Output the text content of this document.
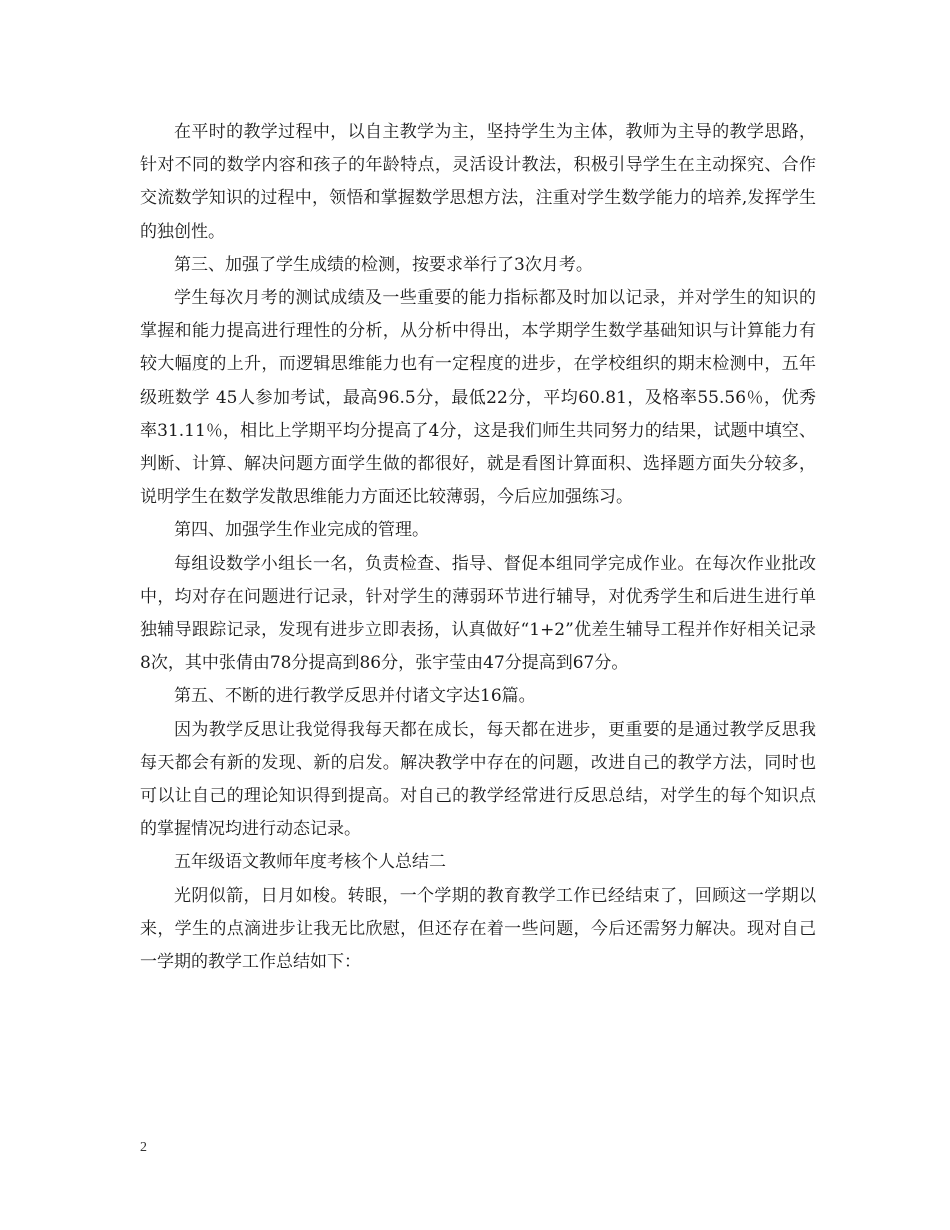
在平时的教学过程中，以自主教学为主，坚持学生为主体，教师为主导的教学思路，针对不同的数学内容和孩子的年龄特点，灵活设计教法，积极引导学生在主动探究、合作交流数学知识的过程中，领悟和掌握数学思想方法，注重对学生数学能力的培养,发挥学生的独创性。

第三、加强了学生成绩的检测，按要求举行了3次月考。

学生每次月考的测试成绩及一些重要的能力指标都及时加以记录，并对学生的知识的掌握和能力提高进行理性的分析，从分析中得出，本学期学生数学基础知识与计算能力有较大幅度的上升，而逻辑思维能力也有一定程度的进步，在学校组织的期末检测中，五年级班数学 45人参加考试，最高96.5分，最低22分，平均60.81，及格率55.56％，优秀率31.11％，相比上学期平均分提高了4分，这是我们师生共同努力的结果，试题中填空、判断、计算、解决问题方面学生做的都很好，就是看图计算面积、选择题方面失分较多，说明学生在数学发散思维能力方面还比较薄弱，今后应加强练习。

第四、加强学生作业完成的管理。

每组设数学小组长一名，负责检查、指导、督促本组同学完成作业。在每次作业批改中，均对存在问题进行记录，针对学生的薄弱环节进行辅导，对优秀学生和后进生进行单独辅导跟踪记录，发现有进步立即表扬，认真做好“1+2”优差生辅导工程并作好相关记录8次，其中张倩由78分提高到86分，张宇莹由47分提高到67分。

第五、不断的进行教学反思并付诸文字达16篇。

因为教学反思让我觉得我每天都在成长，每天都在进步，更重要的是通过教学反思我每天都会有新的发现、新的启发。解决教学中存在的问题，改进自己的教学方法，同时也可以让自己的理论知识得到提高。对自己的教学经常进行反思总结，对学生的每个知识点的掌握情况均进行动态记录。

五年级语文教师年度考核个人总结二

光阴似箭，日月如梭。转眼，一个学期的教育教学工作已经结束了，回顾这一学期以来，学生的点滴进步让我无比欣慰，但还存在着一些问题，今后还需努力解决。现对自己一学期的教学工作总结如下：

2
